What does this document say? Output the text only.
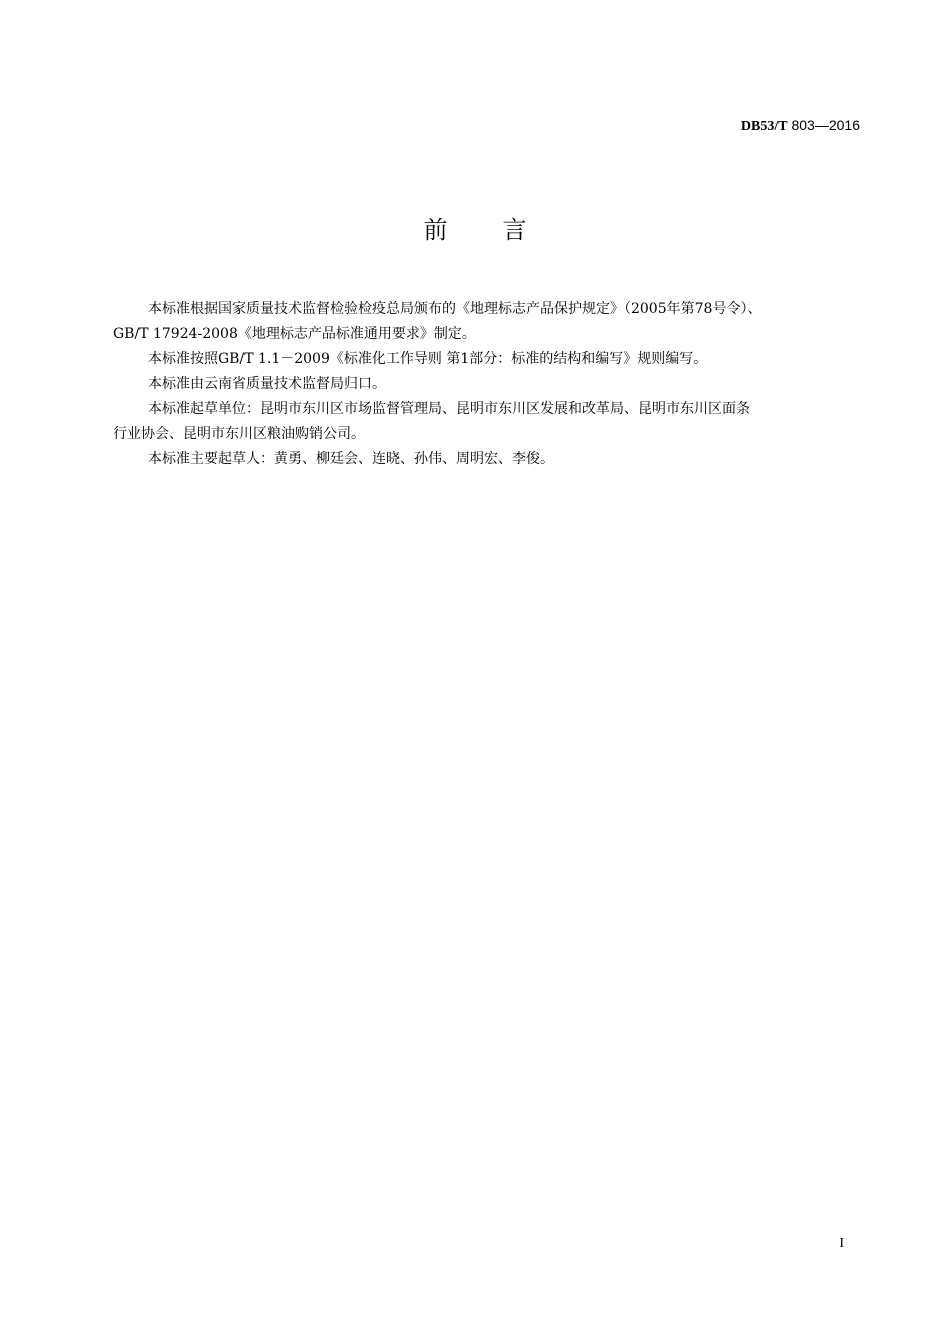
DB53/T 803—2016
前言

本标准根据国家质量技术监督检验检疫总局颁布的《地理标志产品保护规定》（2005年第78号令）、

GB/T 17924-2008《地理标志产品标准通用要求》制定。

本标准按照GB/T 1.1－2009《标准化工作导则 第1部分：标准的结构和编写》规则编写。

本标准由云南省质量技术监督局归口。

本标准起草单位：昆明市东川区市场监督管理局、昆明市东川区发展和改革局、昆明市东川区面条

行业协会、昆明市东川区粮油购销公司。

本标准主要起草人：黄勇、柳廷会、连晓、孙伟、周明宏、李俊。

I
